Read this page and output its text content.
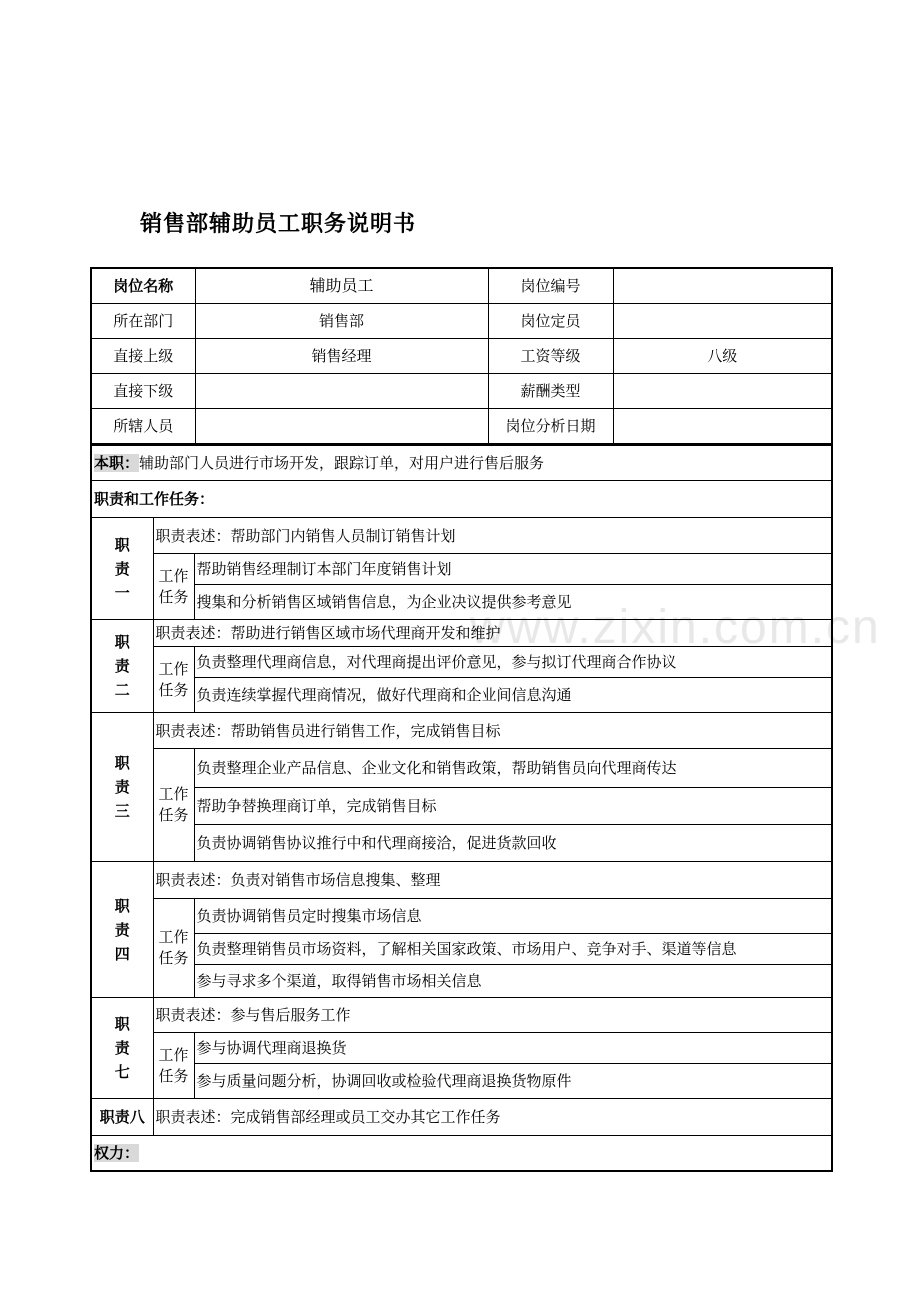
销售部辅助员工职务说明书
www.zixin.com.cn
岗位名称	辅助员工	岗位编号	
所在部门	销售部	岗位定员	
直接上级	销售经理	工资等级	八级
直接下级		薪酬类型	
所辖人员		岗位分析日期	
本职：辅助部门人员进行市场开发，跟踪订单，对用户进行售后服务		
职责和工作任务：		
职责一	职责表述：帮助部门内销售人员制订销售计划	
	工作任务	帮助销售经理制订本部门年度销售计划
		搜集和分析销售区域销售信息，为企业决议提供参考意见
职责二	职责表述：帮助进行销售区域市场代理商开发和维护	
	工作任务	负责整理代理商信息，对代理商提出评价意见，参与拟订代理商合作协议
		负责连续掌握代理商情况，做好代理商和企业间信息沟通
职责三	职责表述：帮助销售员进行销售工作，完成销售目标	
	工作任务	负责整理企业产品信息、企业文化和销售政策，帮助销售员向代理商传达
		帮助争替换理商订单，完成销售目标
		负责协调销售协议推行中和代理商接洽，促进货款回收
职责四	职责表述：负责对销售市场信息搜集、整理	
	工作任务	负责协调销售员定时搜集市场信息
		负责整理销售员市场资料，了解相关国家政策、市场用户、竞争对手、渠道等信息
		参与寻求多个渠道，取得销售市场相关信息
职责七	职责表述：参与售后服务工作	
	工作任务	参与协调代理商退换货
		参与质量问题分析，协调回收或检验代理商退换货物原件
职责八	职责表述：完成销售部经理或员工交办其它工作任务	
权力：		
